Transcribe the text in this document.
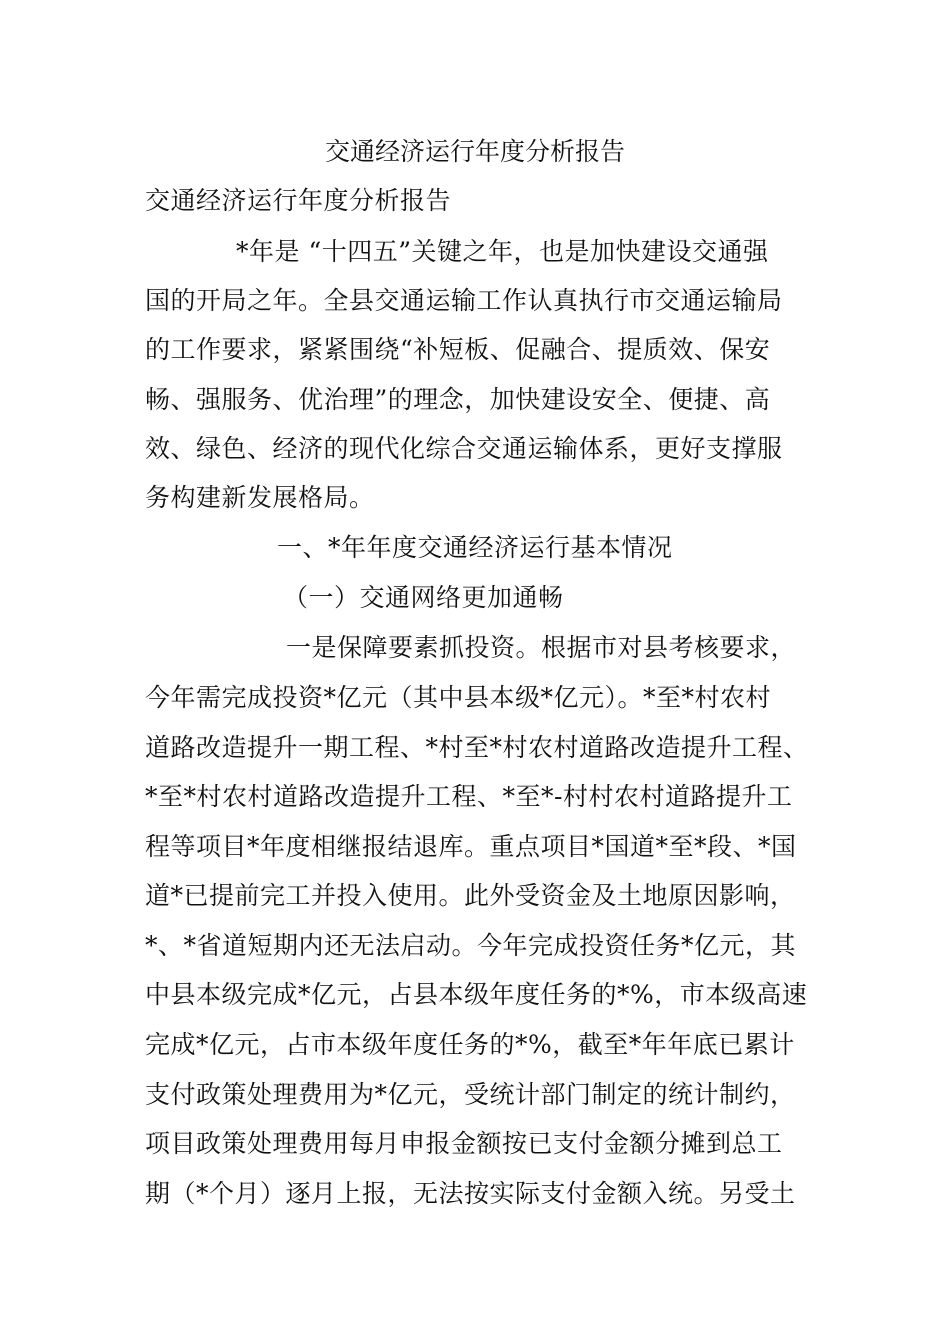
交通经济运行年度分析报告
交通经济运行年度分析报告
*年是 “十四五”关键之年，也是加快建设交通强
国的开局之年。全县交通运输工作认真执行市交通运输局
的工作要求，紧紧围绕“补短板、促融合、提质效、保安
畅、强服务、优治理”的理念，加快建设安全、便捷、高
效、绿色、经济的现代化综合交通运输体系，更好支撑服
务构建新发展格局。
一、*年年度交通经济运行基本情况
（一）交通网络更加通畅
一是保障要素抓投资。根据市对县考核要求，
今年需完成投资*亿元（其中县本级*亿元）。*至*村农村
道路改造提升一期工程、*村至*村农村道路改造提升工程、
*至*村农村道路改造提升工程、*至*-村村农村道路提升工
程等项目*年度相继报结退库。重点项目*国道*至*段、*国
道*已提前完工并投入使用。此外受资金及土地原因影响，
*、*省道短期内还无法启动。今年完成投资任务*亿元，其
中县本级完成*亿元，占县本级年度任务的*%，市本级高速
完成*亿元，占市本级年度任务的*%，截至*年年底已累计
支付政策处理费用为*亿元，受统计部门制定的统计制约，
项目政策处理费用每月申报金额按已支付金额分摊到总工
期（*个月）逐月上报，无法按实际支付金额入统。另受土
